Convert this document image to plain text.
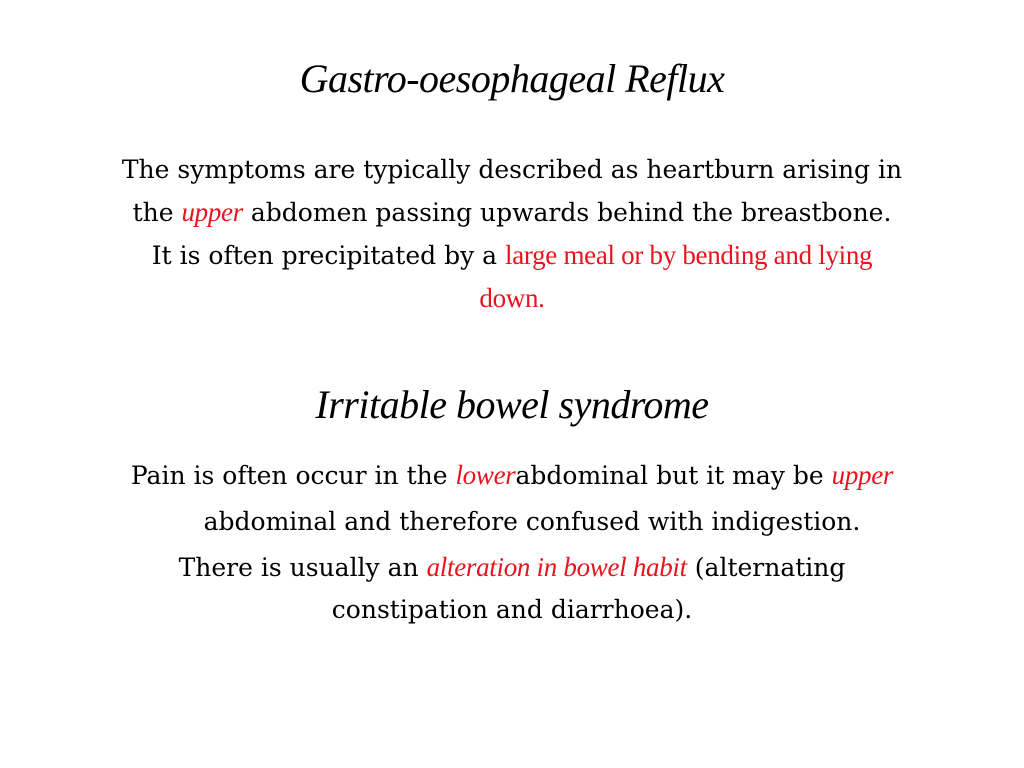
Gastro-oesophageal Reflux
The symptoms are typically described as heartburn arising in
the upper abdomen passing upwards behind the breastbone.
It is often precipitated by a large meal or by bending and lying
down.
Irritable bowel syndrome
Pain is often occur in the lowerabdominal but it may be upper
abdominal and therefore confused with indigestion.
There is usually an alteration in bowel habit (alternating
constipation and diarrhoea).
